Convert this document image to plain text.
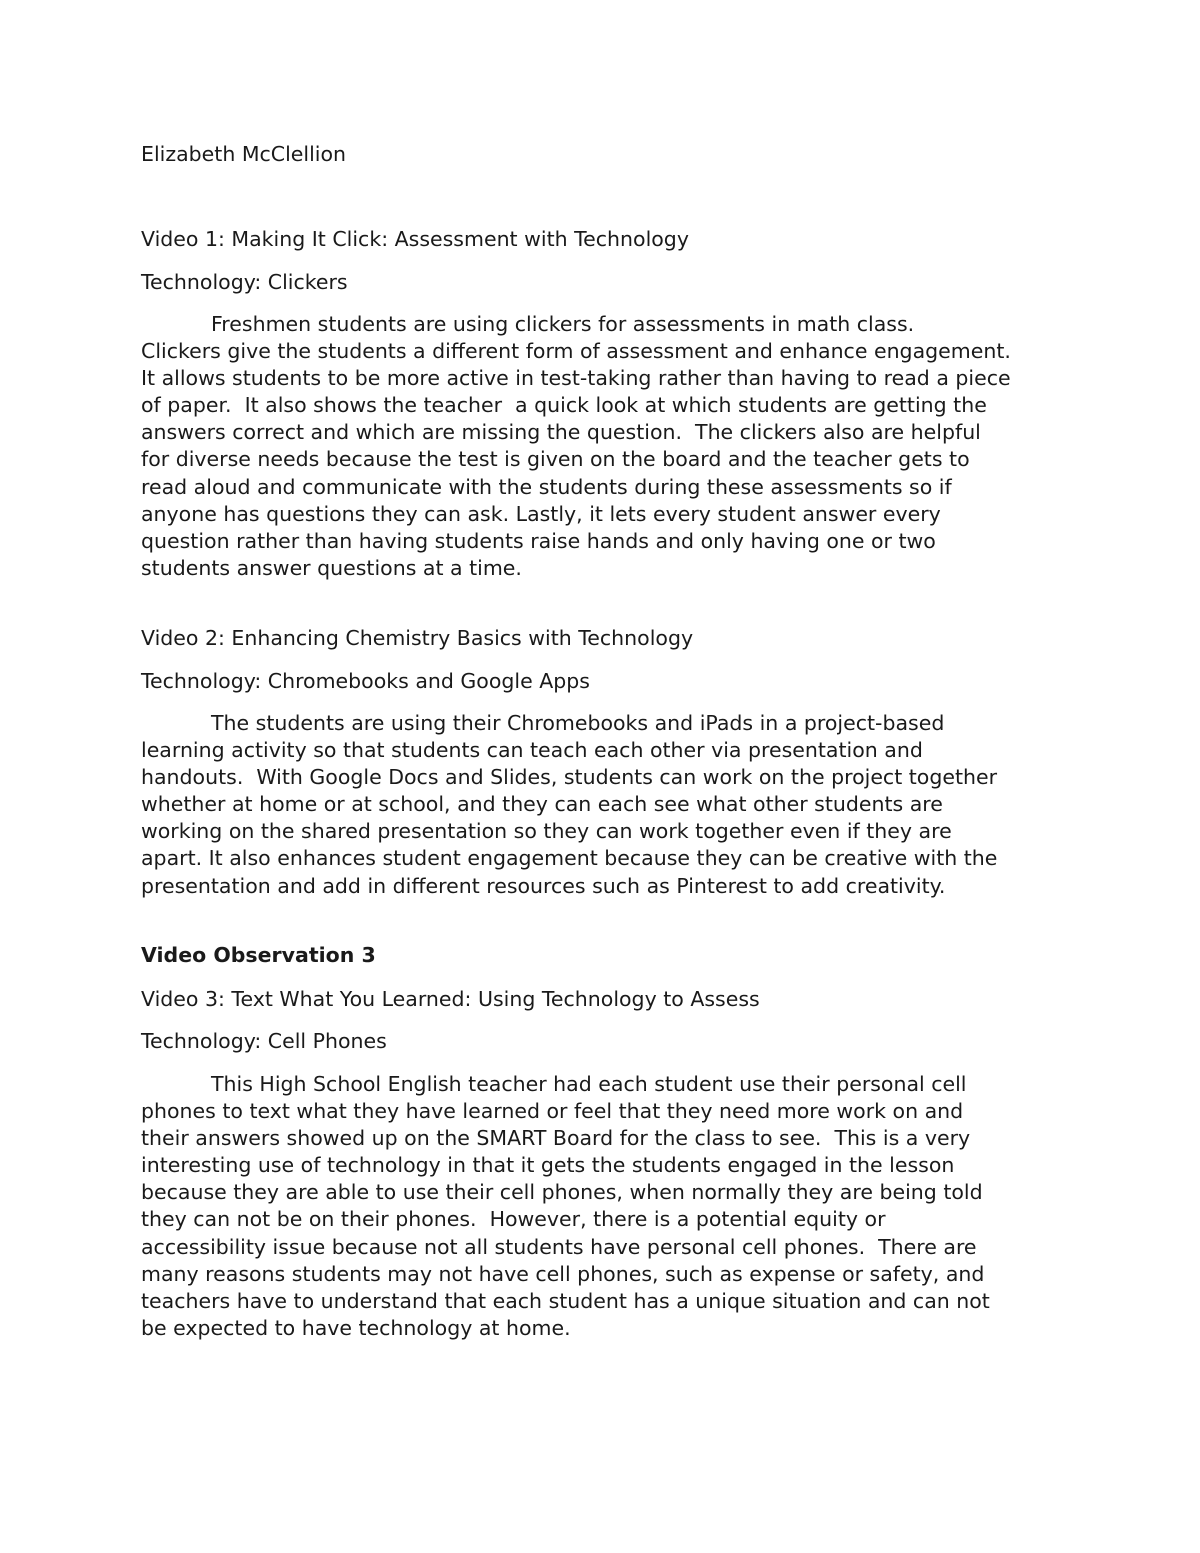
Elizabeth McClellion
Video 1: Making It Click: Assessment with Technology
Technology: Clickers
Freshmen students are using clickers for assessments in math class.
Clickers give the students a different form of assessment and enhance engagement.
It allows students to be more active in test-taking rather than having to read a piece
of paper.  It also shows the teacher  a quick look at which students are getting the
answers correct and which are missing the question.  The clickers also are helpful
for diverse needs because the test is given on the board and the teacher gets to
read aloud and communicate with the students during these assessments so if
anyone has questions they can ask. Lastly, it lets every student answer every
question rather than having students raise hands and only having one or two
students answer questions at a time.
Video 2: Enhancing Chemistry Basics with Technology
Technology: Chromebooks and Google Apps
The students are using their Chromebooks and iPads in a project-based
learning activity so that students can teach each other via presentation and
handouts.  With Google Docs and Slides, students can work on the project together
whether at home or at school, and they can each see what other students are
working on the shared presentation so they can work together even if they are
apart. It also enhances student engagement because they can be creative with the
presentation and add in different resources such as Pinterest to add creativity.
Video Observation 3
Video 3: Text What You Learned: Using Technology to Assess
Technology: Cell Phones
This High School English teacher had each student use their personal cell
phones to text what they have learned or feel that they need more work on and
their answers showed up on the SMART Board for the class to see.  This is a very
interesting use of technology in that it gets the students engaged in the lesson
because they are able to use their cell phones, when normally they are being told
they can not be on their phones.  However, there is a potential equity or
accessibility issue because not all students have personal cell phones.  There are
many reasons students may not have cell phones, such as expense or safety, and
teachers have to understand that each student has a unique situation and can not
be expected to have technology at home.
